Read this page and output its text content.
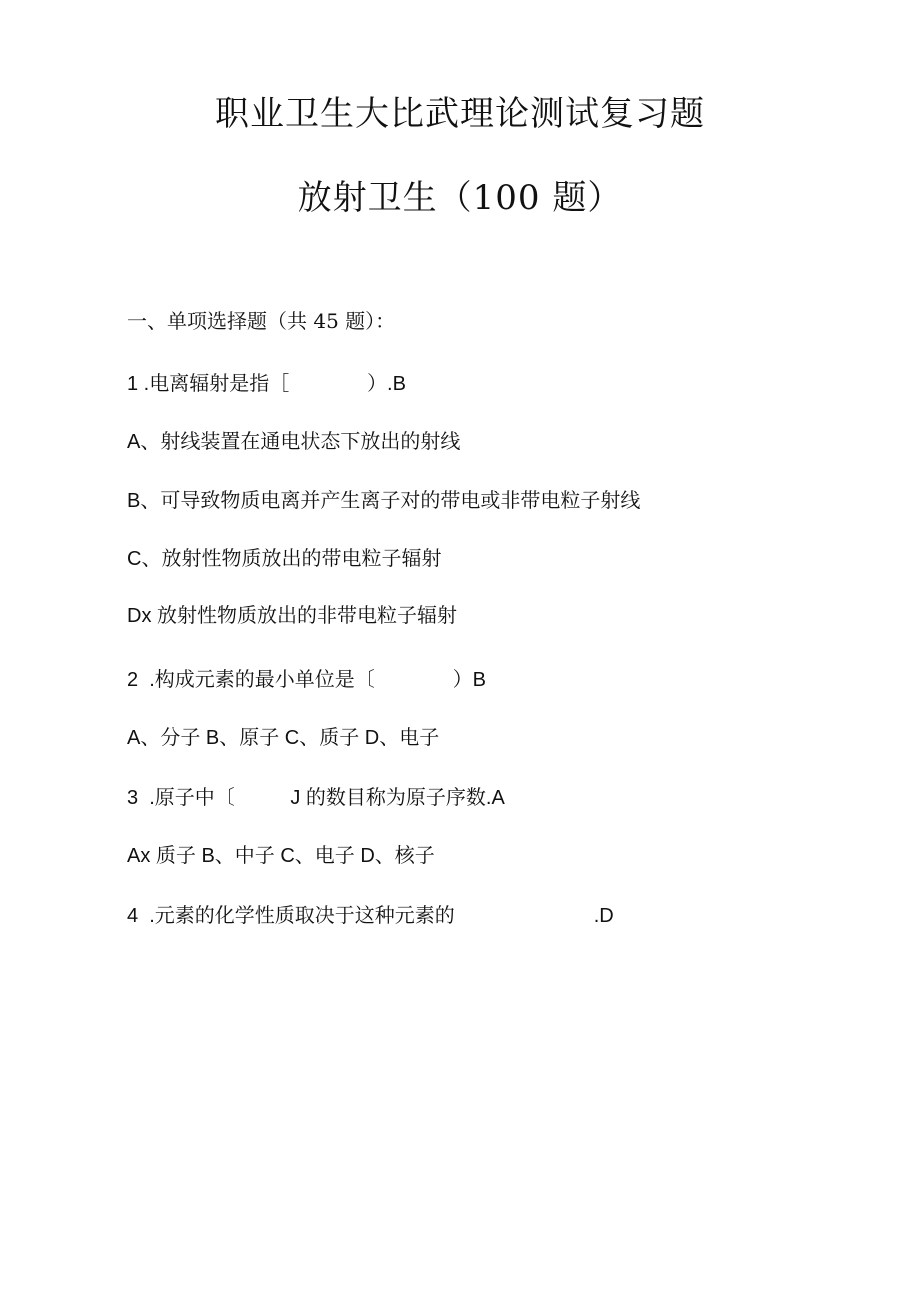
职业卫生大比武理论测试复习题
放射卫生（100 题）
一、单项选择题（共 45 题）：
1 .电离辐射是指［              ）.B
A、射线装置在通电状态下放出的射线
B、可导致物质电离并产生离子对的带电或非带电粒子射线
C、放射性物质放出的带电粒子辐射
Dx 放射性物质放出的非带电粒子辐射
2  .构成元素的最小单位是〔              ）B
A、分子 B、原子 C、质子 D、电子
3  .原子中〔          J 的数目称为原子序数.A
Ax 质子 B、中子 C、电子 D、核子
4  .元素的化学性质取决于这种元素的                         .D
